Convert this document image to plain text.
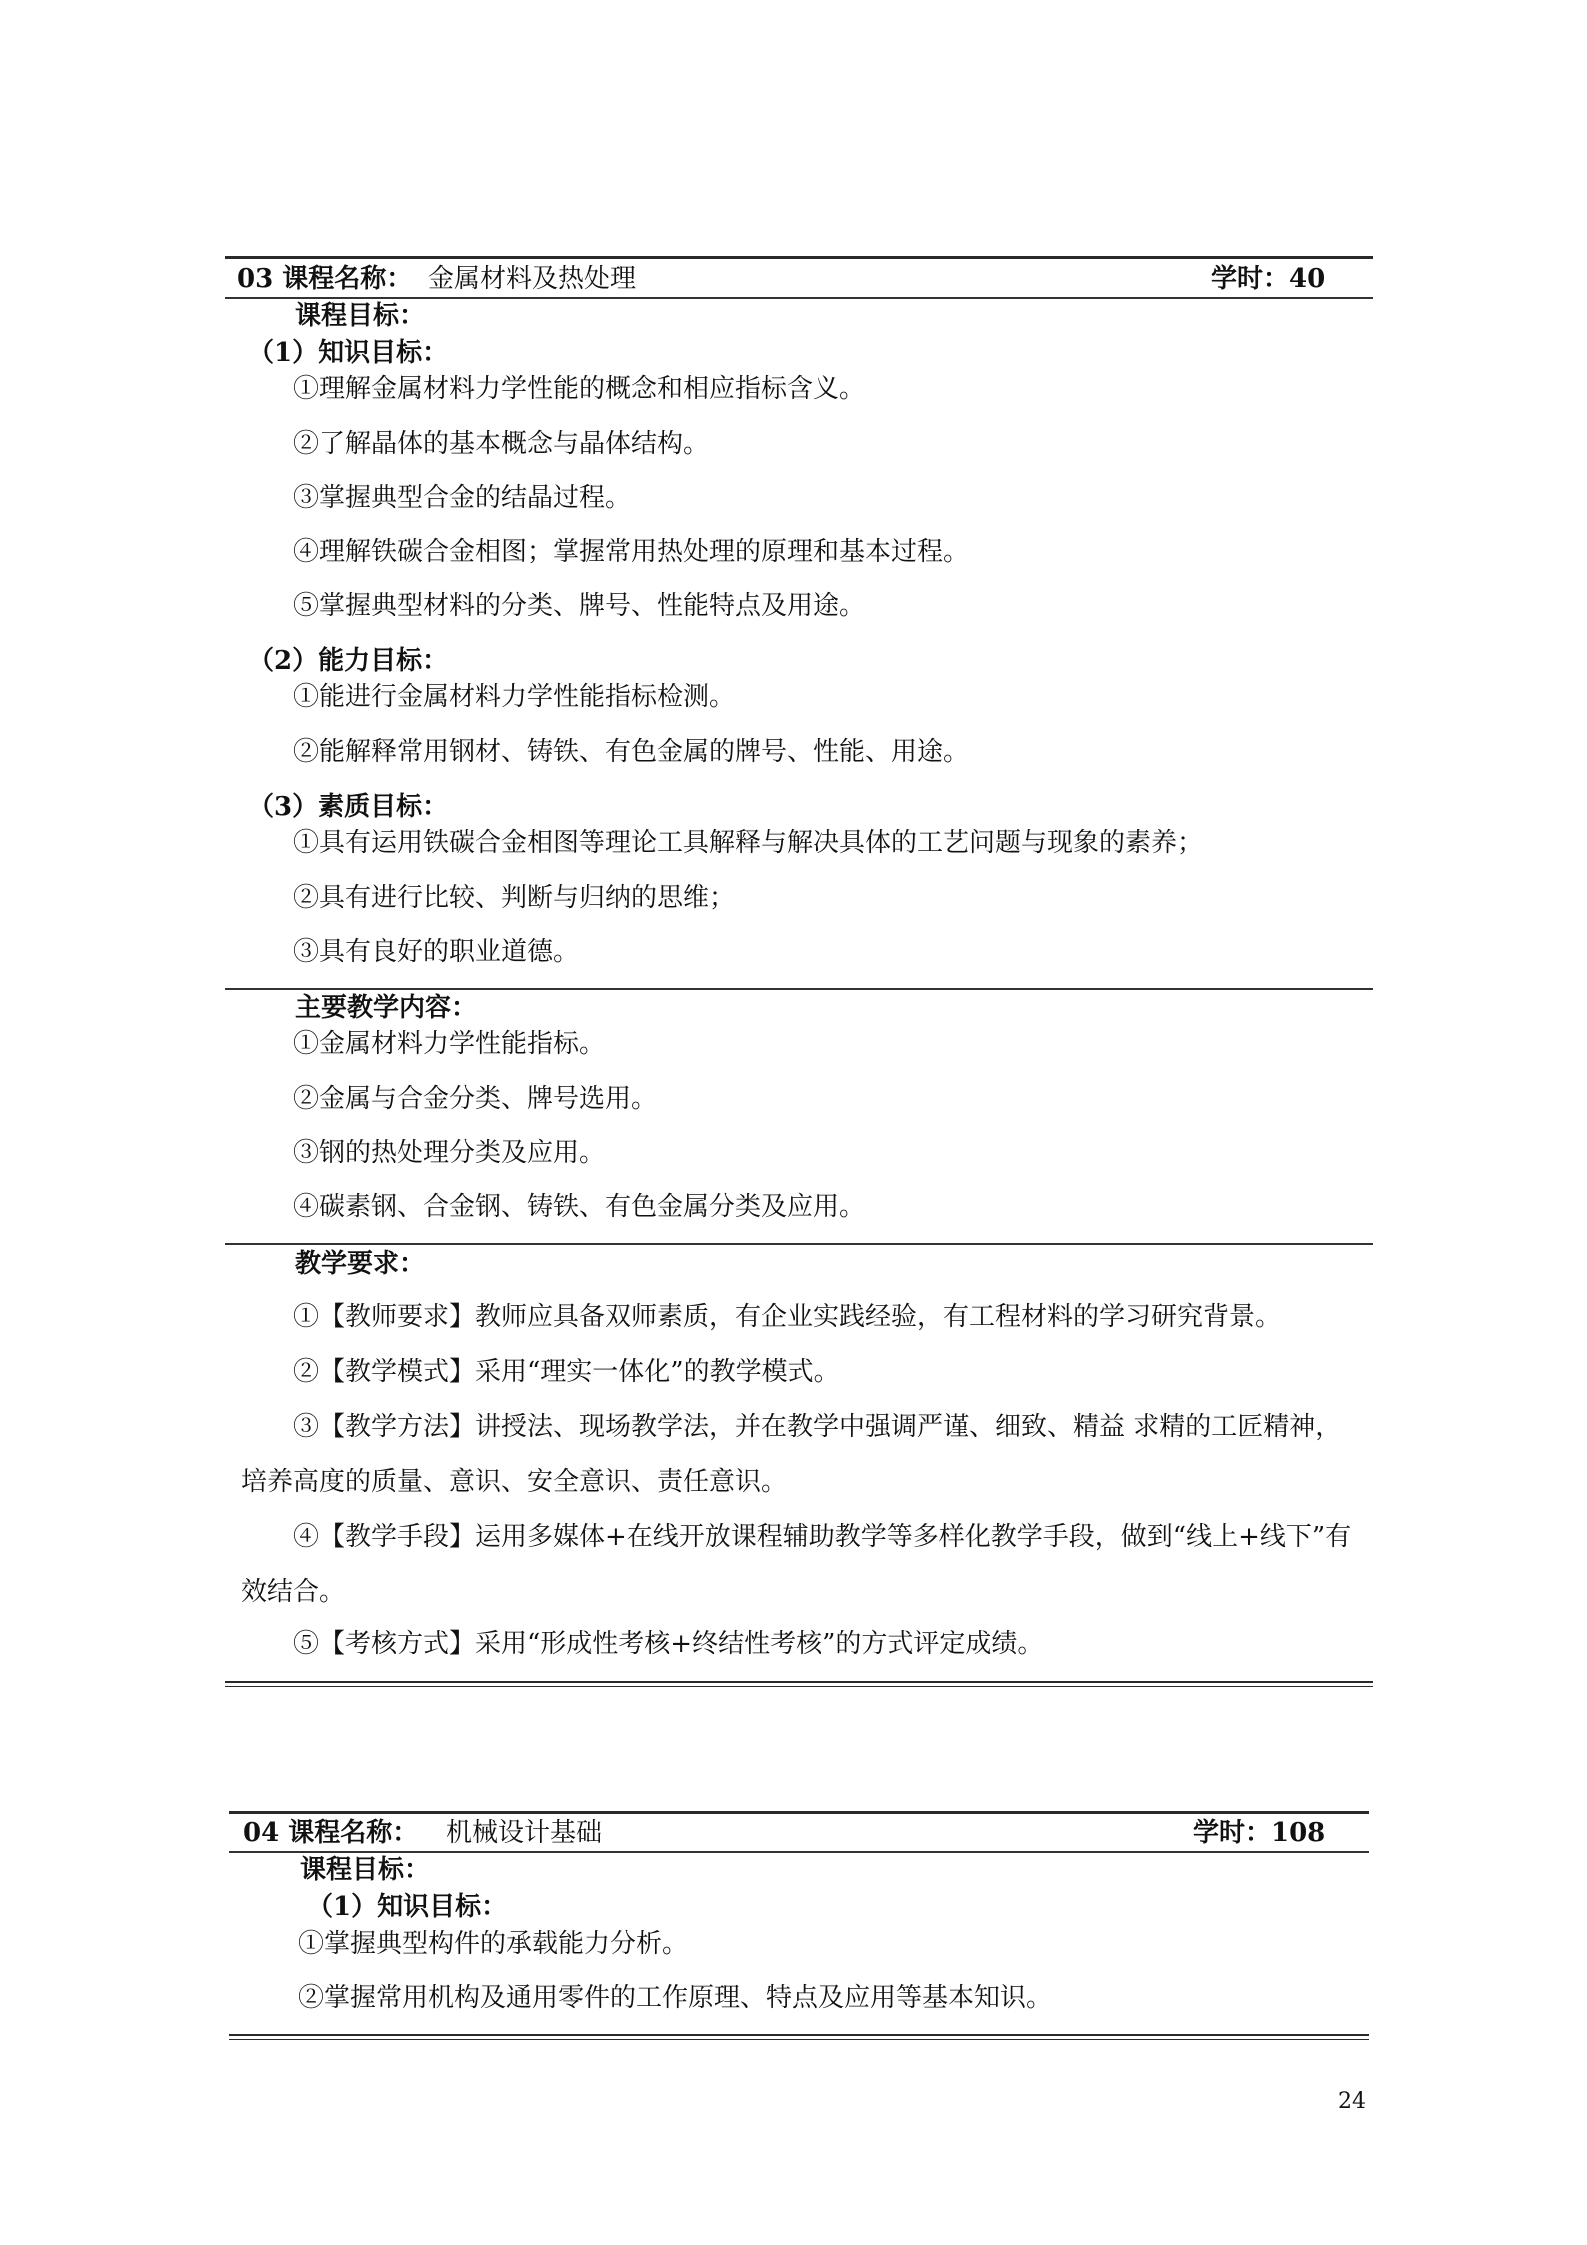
03 课程名称： 金属材料及热处理	学时：40
课程目标：
（1）知识目标：
①理解金属材料力学性能的概念和相应指标含义。
②了解晶体的基本概念与晶体结构。
③掌握典型合金的结晶过程。
④理解铁碳合金相图；掌握常用热处理的原理和基本过程。
⑤掌握典型材料的分类、牌号、性能特点及用途。
（2）能力目标：
①能进行金属材料力学性能指标检测。
②能解释常用钢材、铸铁、有色金属的牌号、性能、用途。
（3）素质目标：
①具有运用铁碳合金相图等理论工具解释与解决具体的工艺问题与现象的素养；
②具有进行比较、判断与归纳的思维；
③具有良好的职业道德。
主要教学内容：
①金属材料力学性能指标。
②金属与合金分类、牌号选用。
③钢的热处理分类及应用。
④碳素钢、合金钢、铸铁、有色金属分类及应用。
教学要求：
①【教师要求】教师应具备双师素质，有企业实践经验，有工程材料的学习研究背景。
②【教学模式】采用“理实一体化”的教学模式。
③【教学方法】讲授法、现场教学法，并在教学中强调严谨、细致、精益 求精的工匠精神，培养高度的质量、意识、安全意识、责任意识。
④【教学手段】运用多媒体+在线开放课程辅助教学等多样化教学手段，做到“线上+线下”有效结合。
⑤【考核方式】采用“形成性考核+终结性考核”的方式评定成绩。
04 课程名称： 机械设计基础	学时：108
课程目标：
（1）知识目标：
①掌握典型构件的承载能力分析。
②掌握常用机构及通用零件的工作原理、特点及应用等基本知识。
24
